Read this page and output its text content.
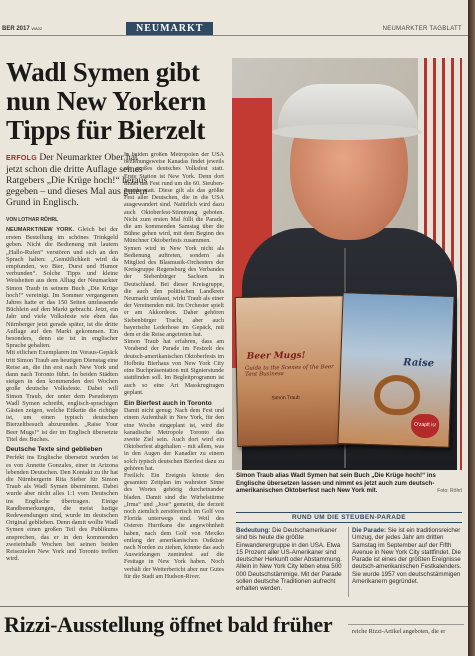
BER 2017 WA02	NEUMARKT	NEUMARKTER TAGBLATT
Wadl Symen gibt nun New Yorkern Tipps für Bierzelt
ERFOLG Der Neumarkter Ober hat jetzt schon die dritte Auflage seines Ratgebers „Die Krüge hoch!“ heraus gegeben – und dieses Mal aus gutem Grund in Englisch.
VON LOTHAR RÖHRL

NEUMARKT/NEW YORK. Gleich bei der ersten Bestellung im schönes Trinkgeld geben. Nicht die Bedienung mit lautem „Hallo-Rufen“ verstören und sich an den Sprach halten: „Gemütlichkeit wird da empfunden, wo Bier, Durst und Humor verbunden“. Solche Tipps und kleine Weisheiten aus dem Alltag der Neumarkter Simon Traub in seinem Buch „Die Krüge hoch!“ vereinigt. Im Sommer vergangenen Jahres hatte er das 150 Seiten umfassende Büchlein auf den Markt gebracht. Jetzt, ein Jahr und viele Volksfeste wie eben das Nürnberger jetzt gerade später, ist die dritte Auflage auf den Markt gekommen. Ein besonders, denn sie ist in englischer Sprache gehalten.

Mit etlichen Exemplaren im Voraus-Gepäck tritt Simon Traub am heutigen Dienstag eine Reise an, die ihn erst nach New York und dann nach Toronto führt. In beiden Städten steigen in den kommenden drei Wochen große deutsche Volksfeste. Dabei will Simon Traub, der unter dem Pseudonym Wadl Symen schreibt, englisch-sprachigen Gästen zeigen, welche Etikette die richtige ist, um einen typisch deutschen Bierzeltbesuch abzurunden. „Raise Your Beer Mugs!“ ist der im Englisch übersetzte Titel des Buches.

Deutsche Texte sind geblieben

Perfekt ins Englische übersetzt wurden ist es von Annette Gonzales, einer in Arizona lebenden Deutschen. Den Kontakt zu ihr hat die Nürnbergerin Rita Sieber für Simon Traub als Wadl Symen übernimmt. Dabei wurde aber nicht alles 1:1 vom Deutschen ins Englische übertragen. Einige Randbemerkungen, die meist lustige Redewendungen sind, wurde im deutschen Original geblieben. Denn damit wollte Wadl Symen einen großen Teil des Publikums ansprechen, das er in den kommenden zweieinhalb Wochen bei seinen beiden Reisezielen New York und Toronto treffen wird.

In beiden großen Metropolen der USA beziehungsweise Kanadas findet jeweils ein großes deutsches Volksfest statt. Erste Station ist New York. Denn dort findet das Fest rund um die 60. Steuben-Parade statt. Diese gilt als das größte Fest aller Deutschen, die in die USA ausgewandert sind. Natürlich wird dazu auch Oktoberfest-Stimmung geboten. Nicht zum ersten Mal füllt die Parade, die am kommenden Samstag über die Bühne gehen wird, mit dem Beginn des Münchner Oktoberfests zusammen.

Symen wird in New York nicht als Bedienung auftreten, sondern als Mitglied des Blasmusik-Orchesters der Kreisgruppe Regensburg des Verbandes der Siebenbürger Sachsen in Deutschland. Bei dieser Kreisgruppe, die auch den politischen Landkreis Neumarkt umfasst, wirkt Traub als einer der Vereinenden mit. Im Orchester spielt er am Akkordeon. Daher gehören Siebenbürger Tracht, aber auch bayerische Lederhose im Gepäck, mit dem er die Reise angetreten hat.

Simon Traub hat erfahren, dass am Vorabend der Parade im Festzelt des deutsch-amerikanischen Oktoberfests im Hofbräu Bierhaus von New York City eine Buchpräsentation mit Signierstunde stattfinden soll. Im Begleitprogramm ist auch so eine Art Masskrugtragen geplant.

Ein Bierfest auch in Toronto

Damit nicht genug: Nach dem Fest und einem Aufenthalt in New York, für den eine Woche eingeplant ist, wird die kanadische Metropole Toronto das zweite Ziel sein. Auch dort wird ein Oktoberfest abgehalten – mit allem, was in den Augen der Kanadier zu einem solch typisch deutschen Bierfest dazu zu gehören hat.

Freilich: Ein Ereignis könnte den gesamten Zeitplan im wahrsten Sinne des Wortes gehörig durcheinander bladen. Damit sind die Wirbelstürme „Irma“ und „Jose“ gemeint, die derzeit noch ziemlich zerstörerisch im Golf von Florida unterwegs sind. Weil des Osteren Hurrikans die angewöhnheit haben, nach dem Golf von Mexiko entlang der amerikanischen Ostküste nach Norden zu ziehen, könnte das auch Auswirkungen zumindest auf die Festtage in New York haben. Noch verhält der Wetterbericht aber nur Gutes für die Stadt am Hudson-River.

Beer Mugs!
Guide to the Scenes of the Beer Tent Business
Simon Traub
Raise
O'zapft is!
Simon Traub alias Wadl Symen hat sein Buch „Die Krüge hoch!“ ins Englische übersetzen lassen und nimmt es jetzt auch zum deutsch-amerikanischen Oktoberfest nach New York mit.	Foto: Röhrl
RUND UM DIE STEUBEN-PARADE
Bedeutung: Die Deutschamerikaner sind bis heute die größte Einwanderergruppe in den USA. Etwa 15 Prozent aller US-Amerikaner sind deutscher Herkunft oder Abstammung. Allein in New York City leben etwa 500 000 Deutschstämmige. Mit der Parade sollen deutsche Traditionen aufrecht erhalten werden.
Die Parade: Sie ist ein traditionsreicher Umzug, der jedes Jahr am dritten Samstag im September auf der Fifth Avenue in New York City stattfindet. Die Parade ist eines der größten Ereignisse deutsch-amerikanischen Festkalenders. Sie wurde 1957 von deutschstämmigen Amerikanern gegründet.
Rizzi-Ausstellung öffnet bald früher	reiche Rizzi-Artikel angeboten, die er
